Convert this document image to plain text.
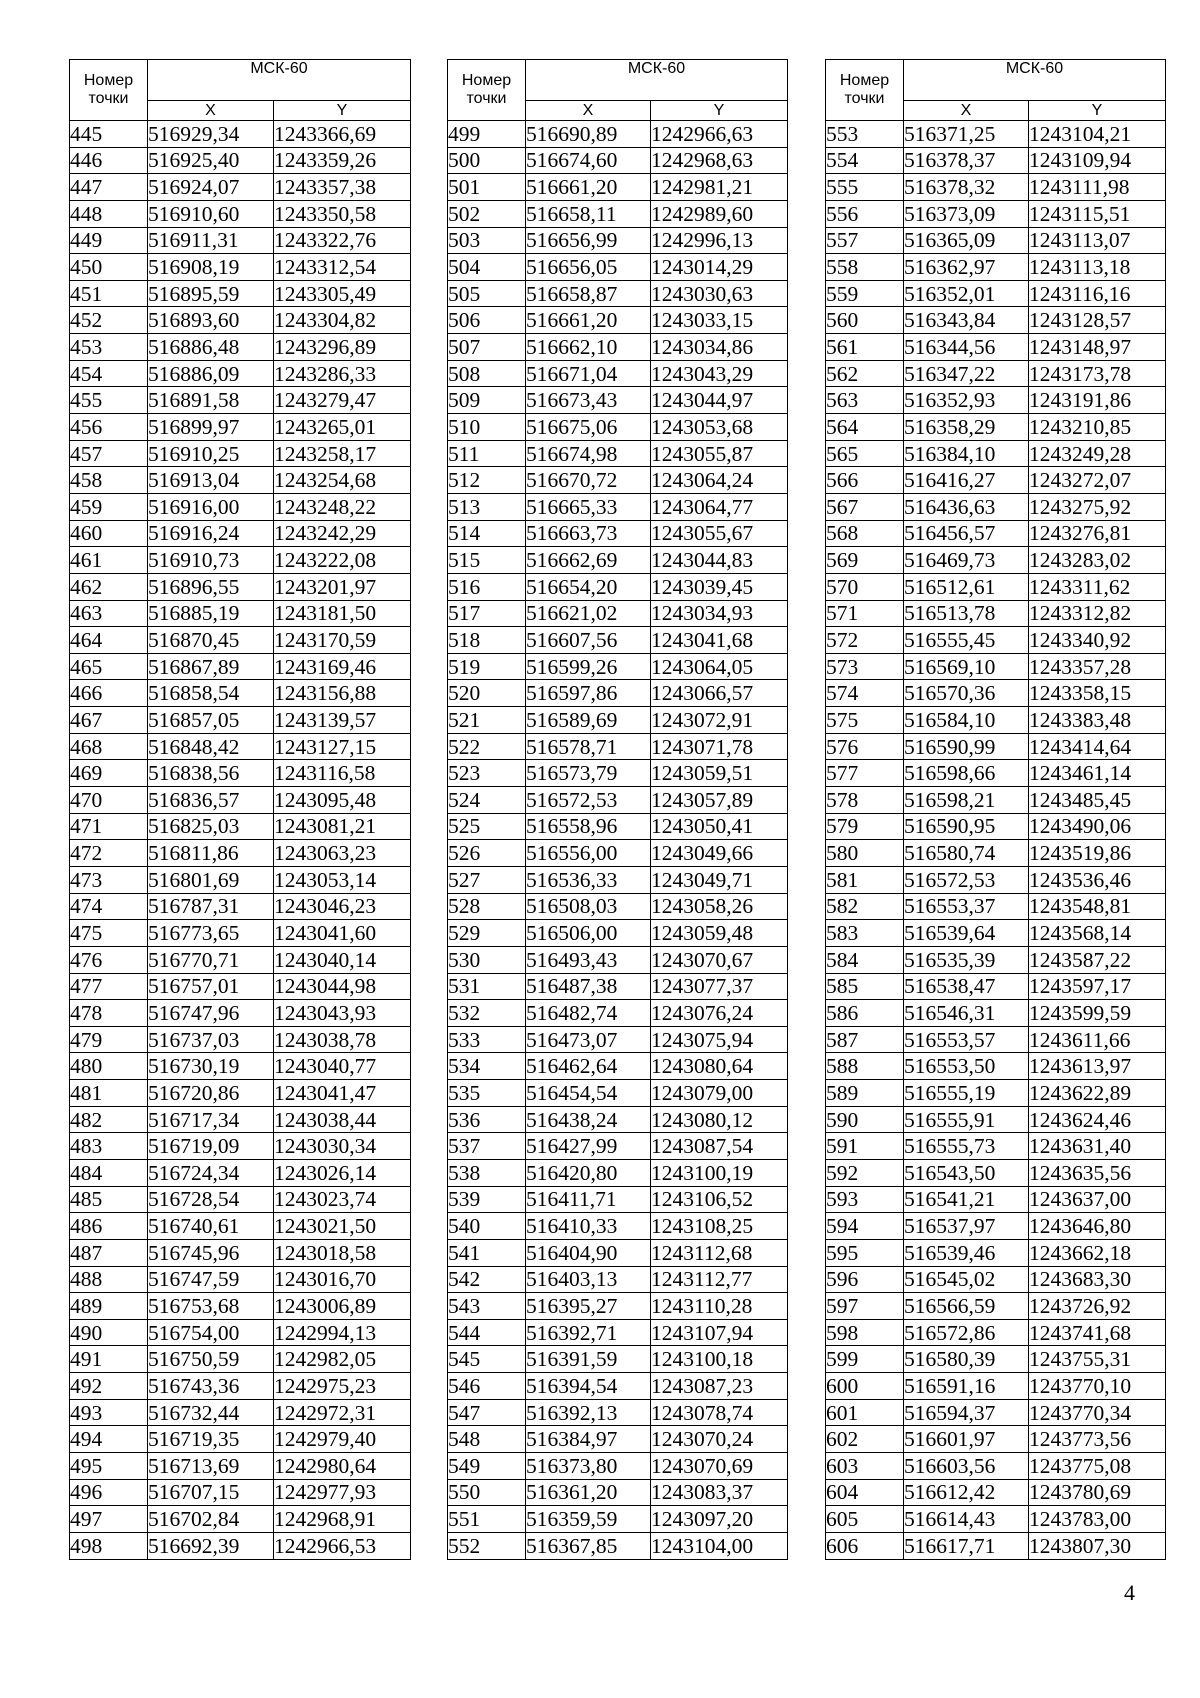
Номер
точки	МСК-60	
	X	Y
445	516929,34	1243366,69
446	516925,40	1243359,26
447	516924,07	1243357,38
448	516910,60	1243350,58
449	516911,31	1243322,76
450	516908,19	1243312,54
451	516895,59	1243305,49
452	516893,60	1243304,82
453	516886,48	1243296,89
454	516886,09	1243286,33
455	516891,58	1243279,47
456	516899,97	1243265,01
457	516910,25	1243258,17
458	516913,04	1243254,68
459	516916,00	1243248,22
460	516916,24	1243242,29
461	516910,73	1243222,08
462	516896,55	1243201,97
463	516885,19	1243181,50
464	516870,45	1243170,59
465	516867,89	1243169,46
466	516858,54	1243156,88
467	516857,05	1243139,57
468	516848,42	1243127,15
469	516838,56	1243116,58
470	516836,57	1243095,48
471	516825,03	1243081,21
472	516811,86	1243063,23
473	516801,69	1243053,14
474	516787,31	1243046,23
475	516773,65	1243041,60
476	516770,71	1243040,14
477	516757,01	1243044,98
478	516747,96	1243043,93
479	516737,03	1243038,78
480	516730,19	1243040,77
481	516720,86	1243041,47
482	516717,34	1243038,44
483	516719,09	1243030,34
484	516724,34	1243026,14
485	516728,54	1243023,74
486	516740,61	1243021,50
487	516745,96	1243018,58
488	516747,59	1243016,70
489	516753,68	1243006,89
490	516754,00	1242994,13
491	516750,59	1242982,05
492	516743,36	1242975,23
493	516732,44	1242972,31
494	516719,35	1242979,40
495	516713,69	1242980,64
496	516707,15	1242977,93
497	516702,84	1242968,91
498	516692,39	1242966,53
Номер
точки	МСК-60	
	X	Y
499	516690,89	1242966,63
500	516674,60	1242968,63
501	516661,20	1242981,21
502	516658,11	1242989,60
503	516656,99	1242996,13
504	516656,05	1243014,29
505	516658,87	1243030,63
506	516661,20	1243033,15
507	516662,10	1243034,86
508	516671,04	1243043,29
509	516673,43	1243044,97
510	516675,06	1243053,68
511	516674,98	1243055,87
512	516670,72	1243064,24
513	516665,33	1243064,77
514	516663,73	1243055,67
515	516662,69	1243044,83
516	516654,20	1243039,45
517	516621,02	1243034,93
518	516607,56	1243041,68
519	516599,26	1243064,05
520	516597,86	1243066,57
521	516589,69	1243072,91
522	516578,71	1243071,78
523	516573,79	1243059,51
524	516572,53	1243057,89
525	516558,96	1243050,41
526	516556,00	1243049,66
527	516536,33	1243049,71
528	516508,03	1243058,26
529	516506,00	1243059,48
530	516493,43	1243070,67
531	516487,38	1243077,37
532	516482,74	1243076,24
533	516473,07	1243075,94
534	516462,64	1243080,64
535	516454,54	1243079,00
536	516438,24	1243080,12
537	516427,99	1243087,54
538	516420,80	1243100,19
539	516411,71	1243106,52
540	516410,33	1243108,25
541	516404,90	1243112,68
542	516403,13	1243112,77
543	516395,27	1243110,28
544	516392,71	1243107,94
545	516391,59	1243100,18
546	516394,54	1243087,23
547	516392,13	1243078,74
548	516384,97	1243070,24
549	516373,80	1243070,69
550	516361,20	1243083,37
551	516359,59	1243097,20
552	516367,85	1243104,00
Номер
точки	МСК-60	
	X	Y
553	516371,25	1243104,21
554	516378,37	1243109,94
555	516378,32	1243111,98
556	516373,09	1243115,51
557	516365,09	1243113,07
558	516362,97	1243113,18
559	516352,01	1243116,16
560	516343,84	1243128,57
561	516344,56	1243148,97
562	516347,22	1243173,78
563	516352,93	1243191,86
564	516358,29	1243210,85
565	516384,10	1243249,28
566	516416,27	1243272,07
567	516436,63	1243275,92
568	516456,57	1243276,81
569	516469,73	1243283,02
570	516512,61	1243311,62
571	516513,78	1243312,82
572	516555,45	1243340,92
573	516569,10	1243357,28
574	516570,36	1243358,15
575	516584,10	1243383,48
576	516590,99	1243414,64
577	516598,66	1243461,14
578	516598,21	1243485,45
579	516590,95	1243490,06
580	516580,74	1243519,86
581	516572,53	1243536,46
582	516553,37	1243548,81
583	516539,64	1243568,14
584	516535,39	1243587,22
585	516538,47	1243597,17
586	516546,31	1243599,59
587	516553,57	1243611,66
588	516553,50	1243613,97
589	516555,19	1243622,89
590	516555,91	1243624,46
591	516555,73	1243631,40
592	516543,50	1243635,56
593	516541,21	1243637,00
594	516537,97	1243646,80
595	516539,46	1243662,18
596	516545,02	1243683,30
597	516566,59	1243726,92
598	516572,86	1243741,68
599	516580,39	1243755,31
600	516591,16	1243770,10
601	516594,37	1243770,34
602	516601,97	1243773,56
603	516603,56	1243775,08
604	516612,42	1243780,69
605	516614,43	1243783,00
606	516617,71	1243807,30
4
